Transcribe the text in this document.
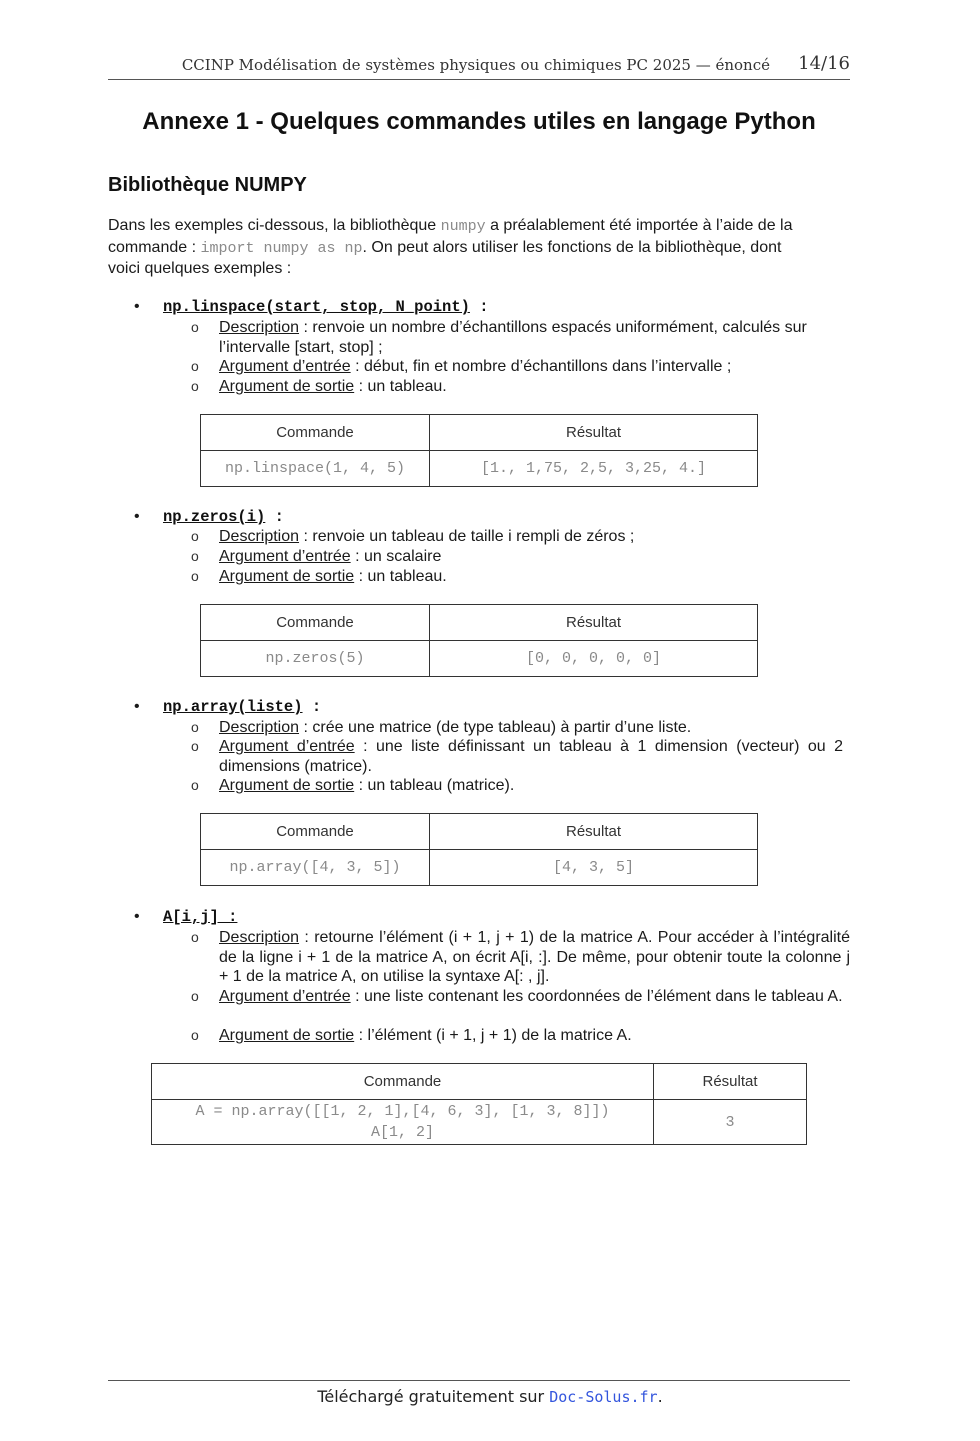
CCINP Modélisation de systèmes physiques ou chimiques PC 2025 — énoncé 14/16
Annexe 1 - Quelques commandes utiles en langage Python
Bibliothèque NUMPY
Dans les exemples ci-dessous, la bibliothèque numpy a préalablement été importée à l’aide de la
commande : import numpy as np. On peut alors utiliser les fonctions de la bibliothèque, dont
voici quelques exemples :
• np.linspace(start, stop, N_point) :
o Description : renvoie un nombre d’échantillons espacés uniformément, calculés sur l’intervalle [start, stop] ;
o Argument d’entrée : début, fin et nombre d’échantillons dans l’intervalle ;
o Argument de sortie : un tableau.
Commande	Résultat
np.linspace(1, 4, 5)	[1., 1,75, 2,5, 3,25, 4.]
• np.zeros(i) :
o Description : renvoie un tableau de taille i rempli de zéros ;
o Argument d’entrée : un scalaire
o Argument de sortie : un tableau.
Commande	Résultat
np.zeros(5)	[0, 0, 0, 0, 0]
• np.array(liste) :
o Description : crée une matrice (de type tableau) à partir d’une liste.
o Argument d’entrée : une liste définissant un tableau à 1 dimension (vecteur) ou 2 dimensions (matrice).
o Argument de sortie : un tableau (matrice).
Commande	Résultat
np.array([4, 3, 5])	[4, 3, 5]
• A[i,j] :
o Description : retourne l’élément (i + 1, j + 1) de la matrice A. Pour accéder à l’intégralité de la ligne i + 1 de la matrice A, on écrit A[i, :]. De même, pour obtenir toute la colonne j + 1 de la matrice A, on utilise la syntaxe A[: , j].
o Argument d’entrée : une liste contenant les coordonnées de l’élément dans le tableau A.
o Argument de sortie : l’élément (i + 1, j + 1) de la matrice A.
Commande	Résultat

A = np.array([[1, 2, 1],[4, 6, 3], [1, 3, 8]])
A[1, 2]	3
Téléchargé gratuitement sur Doc-Solus.fr.
